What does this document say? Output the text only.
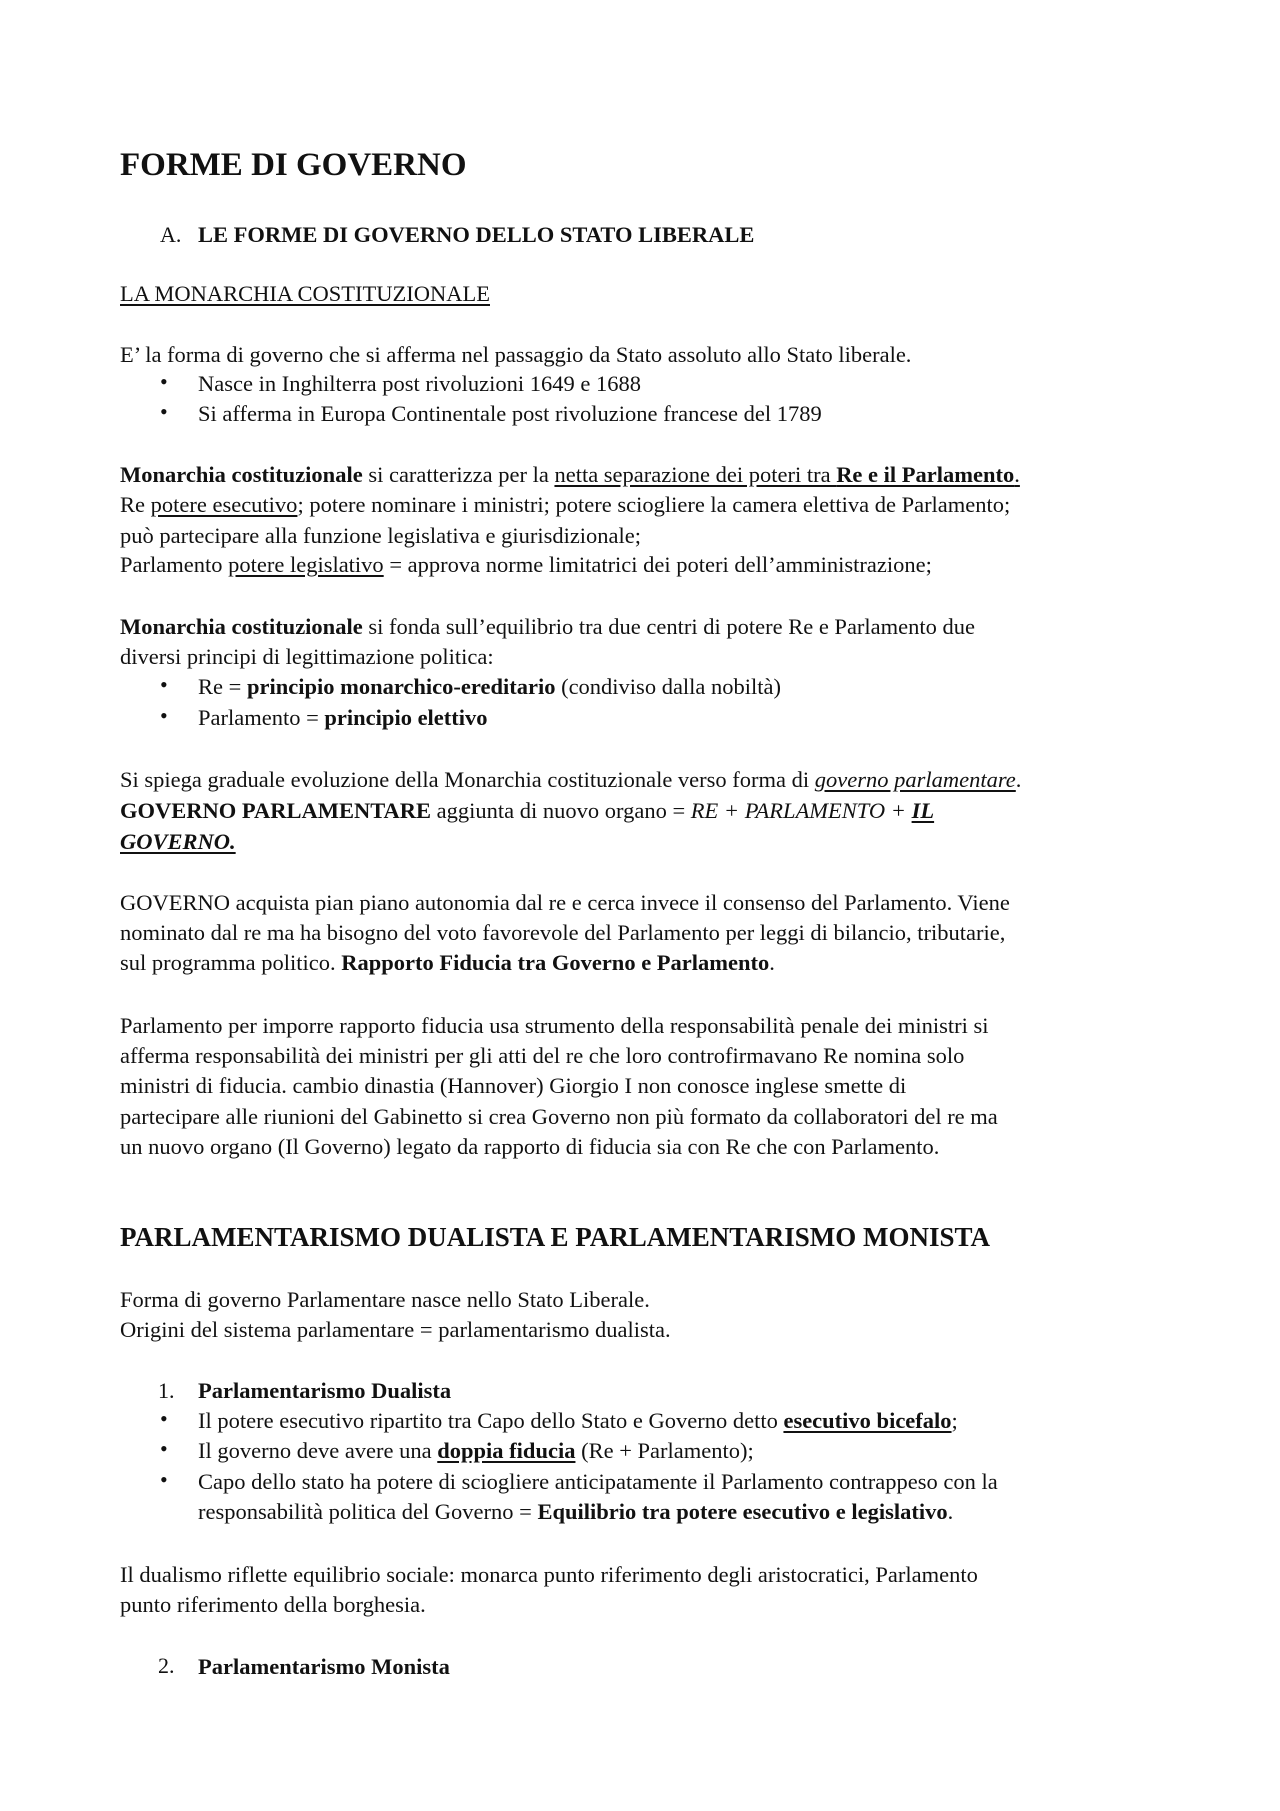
FORME DI GOVERNO
A. LE FORME DI GOVERNO DELLO STATO LIBERALE
LA MONARCHIA COSTITUZIONALE
E’ la forma di governo che si afferma nel passaggio da Stato assoluto allo Stato liberale.
• Nasce in Inghilterra post rivoluzioni 1649 e 1688
• Si afferma in Europa Continentale post rivoluzione francese del 1789
Monarchia costituzionale si caratterizza per la netta separazione dei poteri tra Re e il Parlamento.
Re potere esecutivo; potere nominare i ministri; potere sciogliere la camera elettiva de Parlamento;
può partecipare alla funzione legislativa e giurisdizionale;
Parlamento potere legislativo = approva norme limitatrici dei poteri dell’amministrazione;
Monarchia costituzionale si fonda sull’equilibrio tra due centri di potere Re e Parlamento due
diversi principi di legittimazione politica:
• Re = principio monarchico-ereditario (condiviso dalla nobiltà)
• Parlamento = principio elettivo
Si spiega graduale evoluzione della Monarchia costituzionale verso forma di governo parlamentare.
GOVERNO PARLAMENTARE aggiunta di nuovo organo = RE + PARLAMENTO + IL
GOVERNO.
GOVERNO acquista pian piano autonomia dal re e cerca invece il consenso del Parlamento. Viene
nominato dal re ma ha bisogno del voto favorevole del Parlamento per leggi di bilancio, tributarie,
sul programma politico. Rapporto Fiducia tra Governo e Parlamento.
Parlamento per imporre rapporto fiducia usa strumento della responsabilità penale dei ministri si
afferma responsabilità dei ministri per gli atti del re che loro controfirmavano Re nomina solo
ministri di fiducia. cambio dinastia (Hannover) Giorgio I non conosce inglese smette di
partecipare alle riunioni del Gabinetto si crea Governo non più formato da collaboratori del re ma
un nuovo organo (Il Governo) legato da rapporto di fiducia sia con Re che con Parlamento.
PARLAMENTARISMO DUALISTA E PARLAMENTARISMO MONISTA
Forma di governo Parlamentare nasce nello Stato Liberale.
Origini del sistema parlamentare = parlamentarismo dualista.
1. Parlamentarismo Dualista
• Il potere esecutivo ripartito tra Capo dello Stato e Governo detto esecutivo bicefalo;
• Il governo deve avere una doppia fiducia (Re + Parlamento);
• Capo dello stato ha potere di sciogliere anticipatamente il Parlamento contrappeso con la
responsabilità politica del Governo = Equilibrio tra potere esecutivo e legislativo.
Il dualismo riflette equilibrio sociale: monarca punto riferimento degli aristocratici, Parlamento
punto riferimento della borghesia.
2. Parlamentarismo Monista
